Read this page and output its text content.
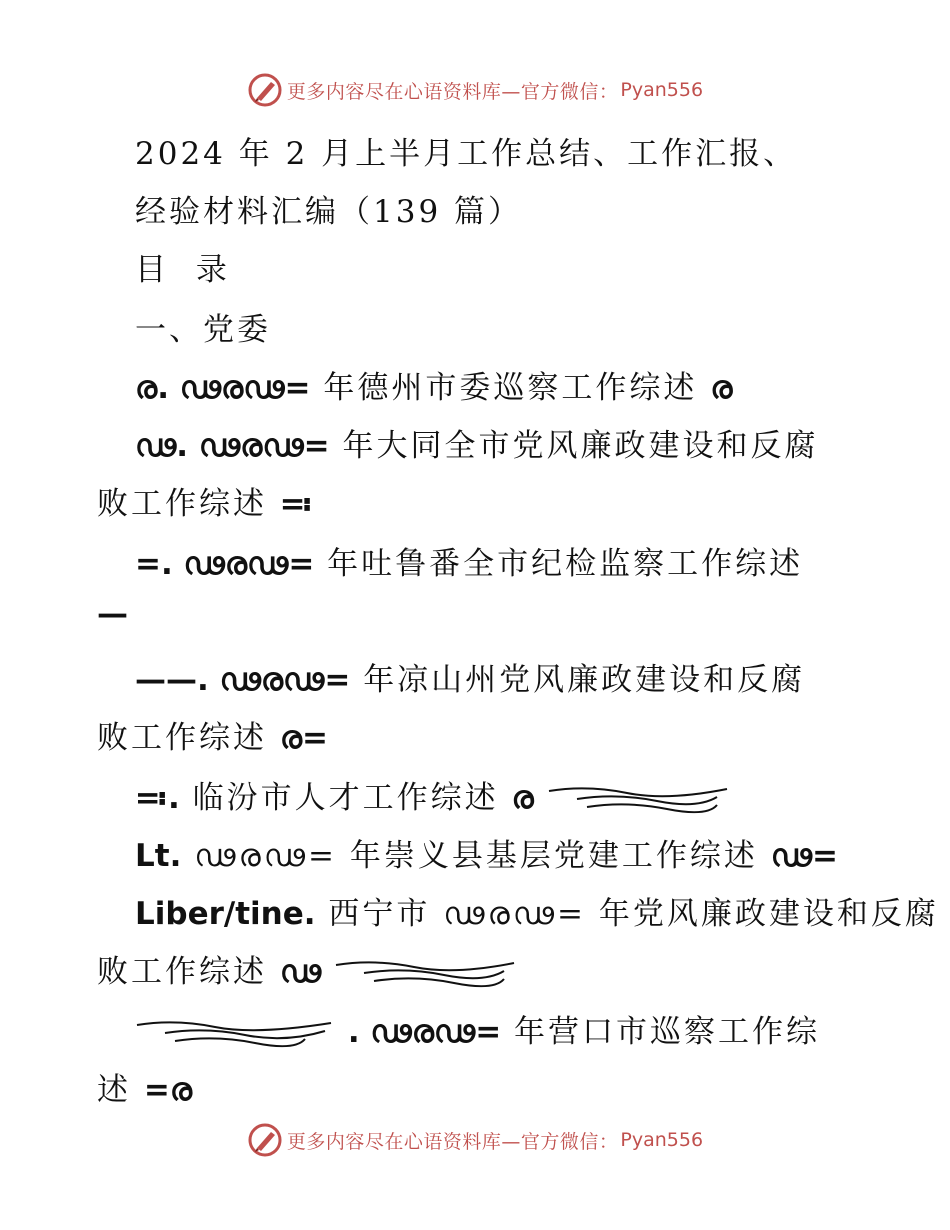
更多内容尽在心语资料库—官方微信： Pyan556
2024 年 2 月上半月工作总结、工作汇报、
经验材料汇编（139 篇）
目 录
一、党委
ര. ഢരഢ= 年德州市委巡察工作综述 ര
ഢ. ഢരഢ= 年大同全市党风廉政建设和反腐
败工作综述 ≕
=. ഢരഢ= 年吐鲁番全市纪检监察工作综述
—
——. ഢരഢ= 年凉山州党风廉政建设和反腐
败工作综述 ര=
≕. 临汾市人才工作综述 ര
Lt. ഢരഢ= 年崇义县基层党建工作综述 ഢ=
Liber/tine. 西宁市 ഢരഢ= 年党风廉政建设和反腐
败工作综述 ഢ
. ഢരഢ= 年营口市巡察工作综
述 =ര
更多内容尽在心语资料库—官方微信： Pyan556
